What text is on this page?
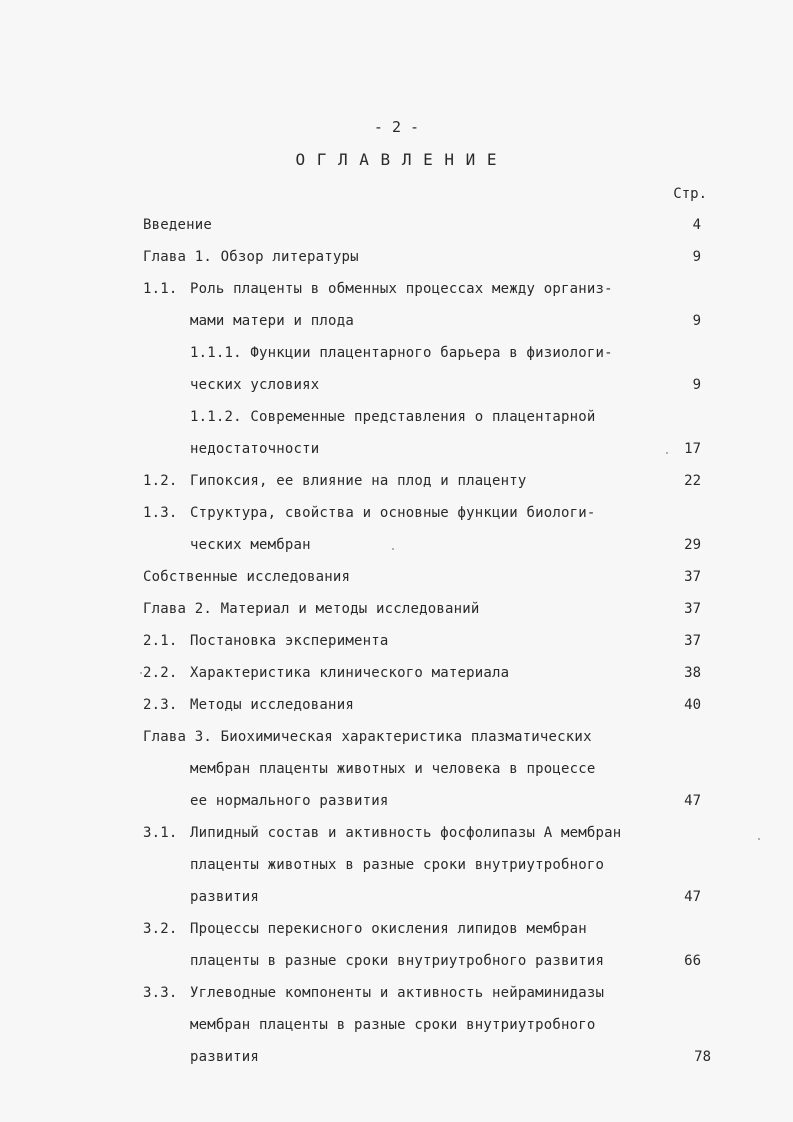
- 2 -
О Г Л А В Л Е Н И Е
Стр.
Введение	4
Глава 1. Обзор литературы	9
1.1. Роль плаценты в обменных процессах между организ-
мами матери и плода	9
1.1.1. Функции плацентарного барьера в физиологи-
ческих условиях	9
1.1.2. Современные представления о плацентарной
недостаточности	17
1.2. Гипоксия, ее влияние на плод и плаценту	22
1.3. Структура, свойства и основные функции биологи-
ческих мембран	29
Собственные исследования	37
Глава 2. Материал и методы исследований	37
2.1. Постановка эксперимента	37
2.2. Характеристика клинического материала	38
2.3. Методы исследования	40
Глава 3. Биохимическая характеристика плазматических
мембран плаценты животных и человека в процессе
ее нормального развития	47
3.1. Липидный состав и активность фосфолипазы А мембран
плаценты животных в разные сроки внутриутробного
развития	47
3.2. Процессы перекисного окисления липидов мембран
плаценты в разные сроки внутриутробного развития	66
3.3. Углеводные компоненты и активность нейраминидазы
мембран плаценты в разные сроки внутриутробного
развития	78
